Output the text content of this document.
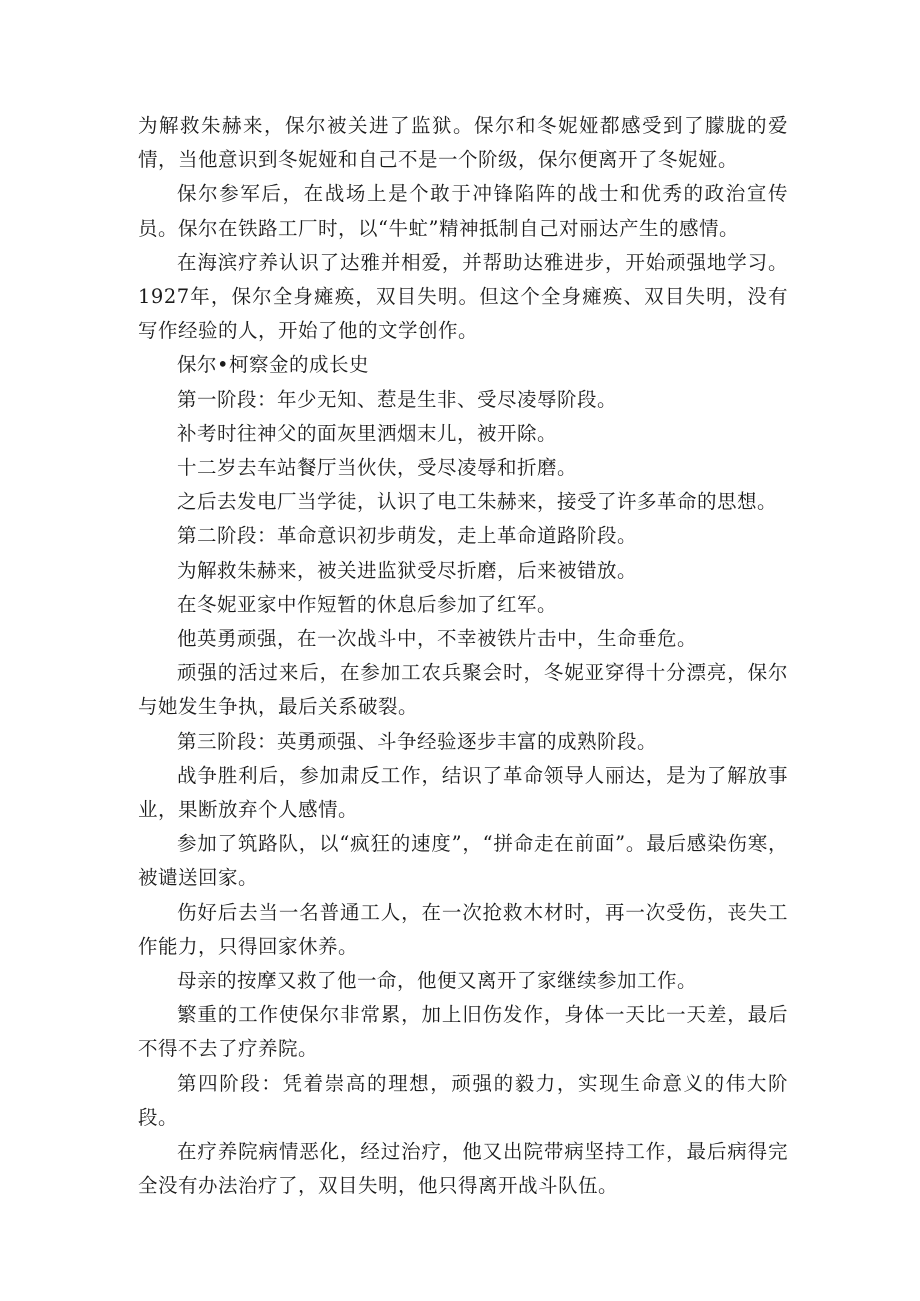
为解救朱赫来，保尔被关进了监狱。保尔和冬妮娅都感受到了朦胧的爱情，当他意识到冬妮娅和自己不是一个阶级，保尔便离开了冬妮娅。

保尔参军后，在战场上是个敢于冲锋陷阵的战士和优秀的政治宣传员。保尔在铁路工厂时，以“牛虻”精神抵制自己对丽达产生的感情。

在海滨疗养认识了达雅并相爱，并帮助达雅进步，开始顽强地学习。1927年，保尔全身瘫痪，双目失明。但这个全身瘫痪、双目失明，没有写作经验的人，开始了他的文学创作。

保尔•柯察金的成长史

第一阶段：年少无知、惹是生非、受尽凌辱阶段。

补考时往神父的面灰里洒烟末儿，被开除。

十二岁去车站餐厅当伙伕，受尽凌辱和折磨。

之后去发电厂当学徒，认识了电工朱赫来，接受了许多革命的思想。

第二阶段：革命意识初步萌发，走上革命道路阶段。

为解救朱赫来，被关进监狱受尽折磨，后来被错放。

在冬妮亚家中作短暂的休息后参加了红军。

他英勇顽强，在一次战斗中，不幸被铁片击中，生命垂危。

顽强的活过来后，在参加工农兵聚会时，冬妮亚穿得十分漂亮，保尔与她发生争执，最后关系破裂。

第三阶段：英勇顽强、斗争经验逐步丰富的成熟阶段。

战争胜利后，参加肃反工作，结识了革命领导人丽达，是为了解放事业，果断放弃个人感情。

参加了筑路队，以“疯狂的速度”，“拼命走在前面”。最后感染伤寒，被谴送回家。

伤好后去当一名普通工人，在一次抢救木材时，再一次受伤，丧失工作能力，只得回家休养。

母亲的按摩又救了他一命，他便又离开了家继续参加工作。

繁重的工作使保尔非常累，加上旧伤发作，身体一天比一天差，最后不得不去了疗养院。

第四阶段：凭着崇高的理想，顽强的毅力，实现生命意义的伟大阶段。

在疗养院病情恶化，经过治疗，他又出院带病坚持工作，最后病得完全没有办法治疗了，双目失明，他只得离开战斗队伍。
